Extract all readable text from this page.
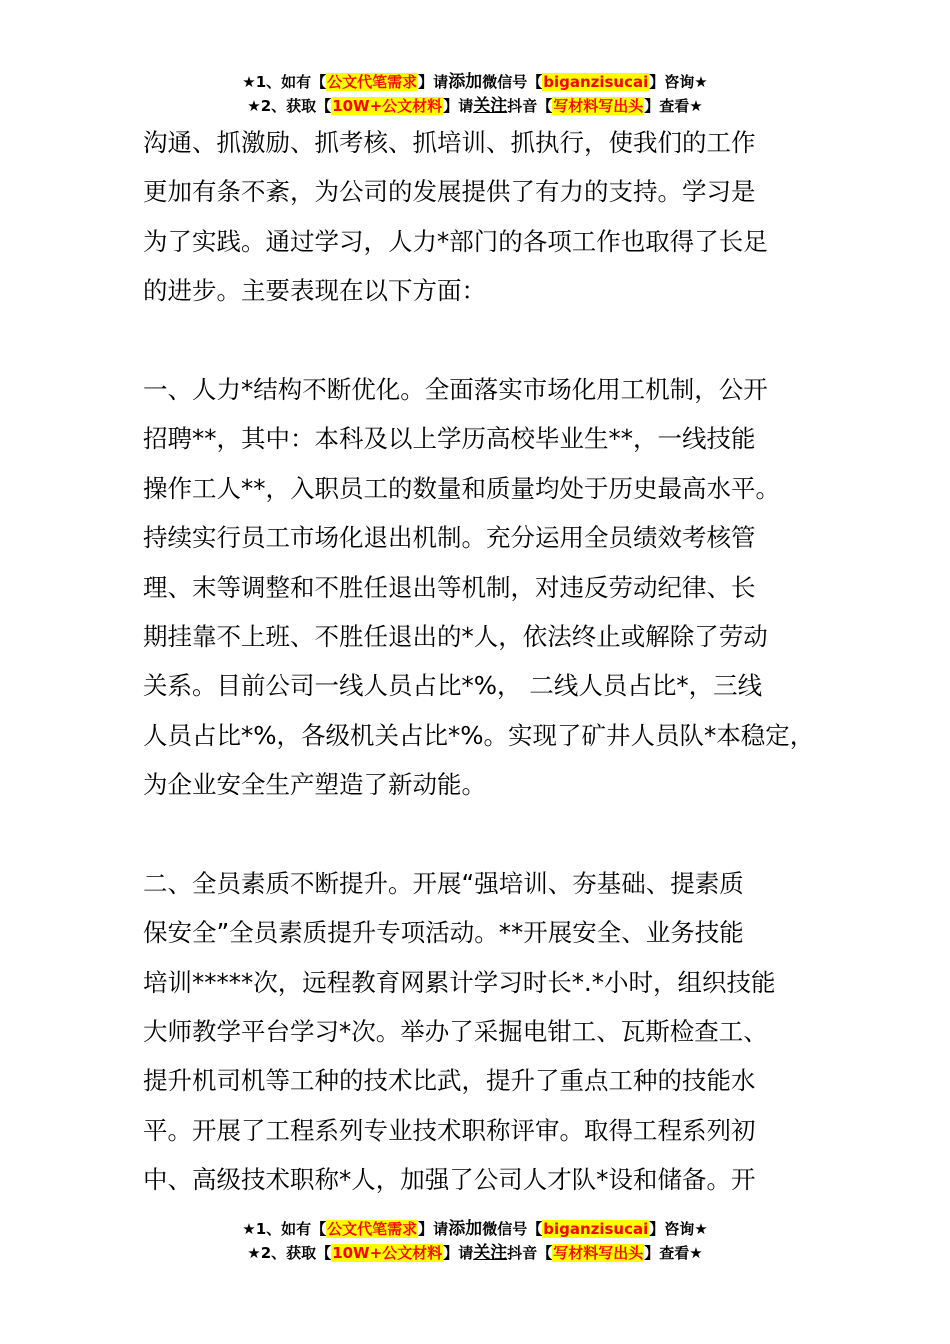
★1、如有【公文代笔需求】请添加微信号【biganzisucai】咨询★
★2、获取【10W+公文材料】请关注抖音【写材料写出头】查看★
沟通、抓激励、抓考核、抓培训、抓执行，使我们的工作
更加有条不紊，为公司的发展提供了有力的支持。学习是
为了实践。通过学习，人力*部门的各项工作也取得了长足
的进步。主要表现在以下方面：
一、人力*结构不断优化。全面落实市场化用工机制，公开
招聘**，其中：本科及以上学历高校毕业生**，一线技能
操作工人**，入职员工的数量和质量均处于历史最高水平。
持续实行员工市场化退出机制。充分运用全员绩效考核管
理、末等调整和不胜任退出等机制，对违反劳动纪律、长
期挂靠不上班、不胜任退出的*人，依法终止或解除了劳动
关系。目前公司一线人员占比*%， 二线人员占比*，三线
人员占比*%，各级机关占比*%。实现了矿井人员队*本稳定，
为企业安全生产塑造了新动能。
二、全员素质不断提升。开展“强培训、夯基础、提素质
保安全”全员素质提升专项活动。**开展安全、业务技能
培训*****次，远程教育网累计学习时长*.*小时，组织技能
大师教学平台学习*次。举办了采掘电钳工、瓦斯检查工、
提升机司机等工种的技术比武，提升了重点工种的技能水
平。开展了工程系列专业技术职称评审。取得工程系列初
中、高级技术职称*人，加强了公司人才队*设和储备。开
★1、如有【公文代笔需求】请添加微信号【biganzisucai】咨询★
★2、获取【10W+公文材料】请关注抖音【写材料写出头】查看★
